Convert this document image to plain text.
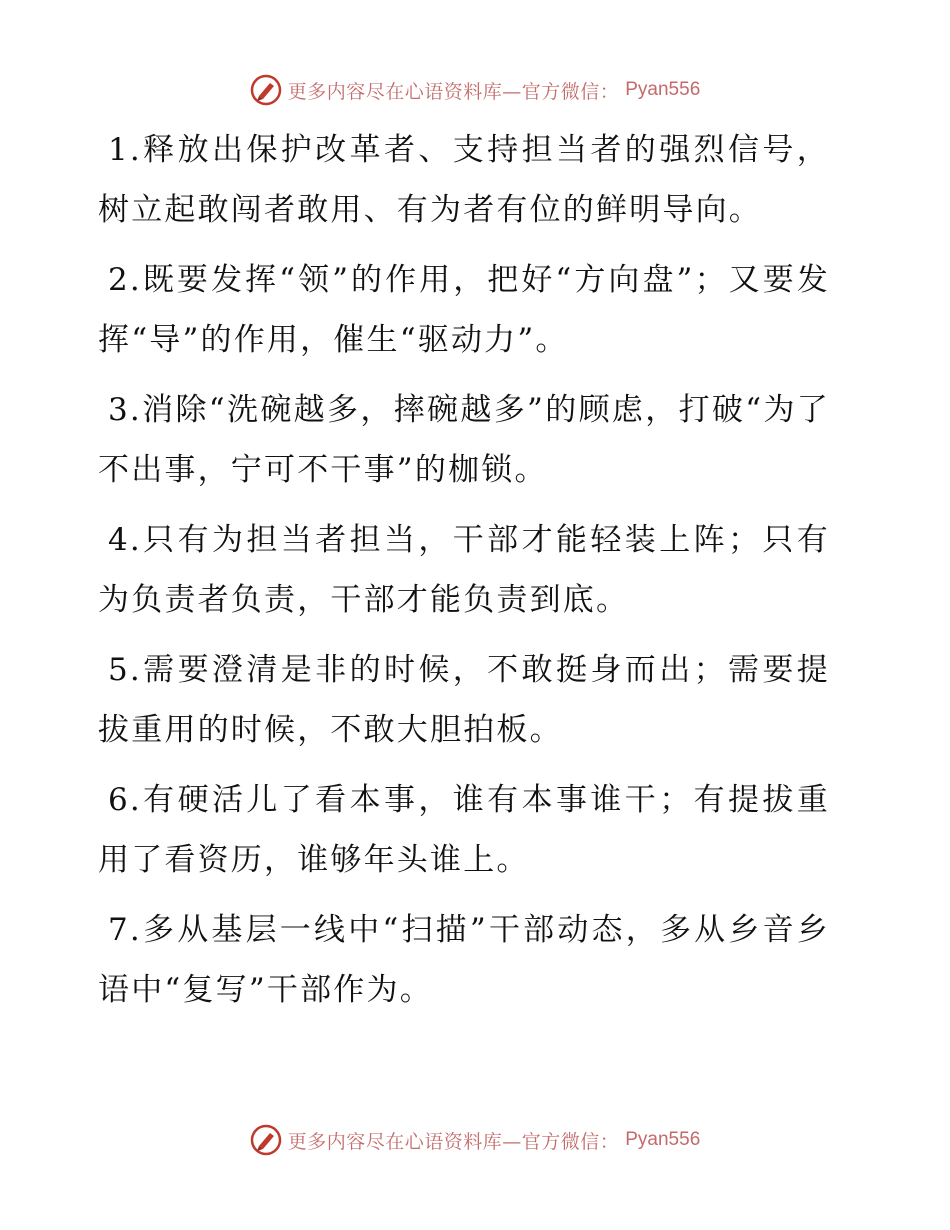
更多内容尽在心语资料库—官方微信： Pyan556

1.释放出保护改革者、支持担当者的强烈信号，树立起敢闯者敢用、有为者有位的鲜明导向。

2.既要发挥“领”的作用，把好“方向盘”；又要发挥“导”的作用，催生“驱动力”。

3.消除“洗碗越多，摔碗越多”的顾虑，打破“为了不出事，宁可不干事”的枷锁。

4.只有为担当者担当，干部才能轻装上阵；只有为负责者负责，干部才能负责到底。

5.需要澄清是非的时候，不敢挺身而出；需要提拔重用的时候，不敢大胆拍板。

6.有硬活儿了看本事，谁有本事谁干；有提拔重用了看资历，谁够年头谁上。

7.多从基层一线中“扫描”干部动态，多从乡音乡语中“复写”干部作为。

更多内容尽在心语资料库—官方微信： Pyan556
